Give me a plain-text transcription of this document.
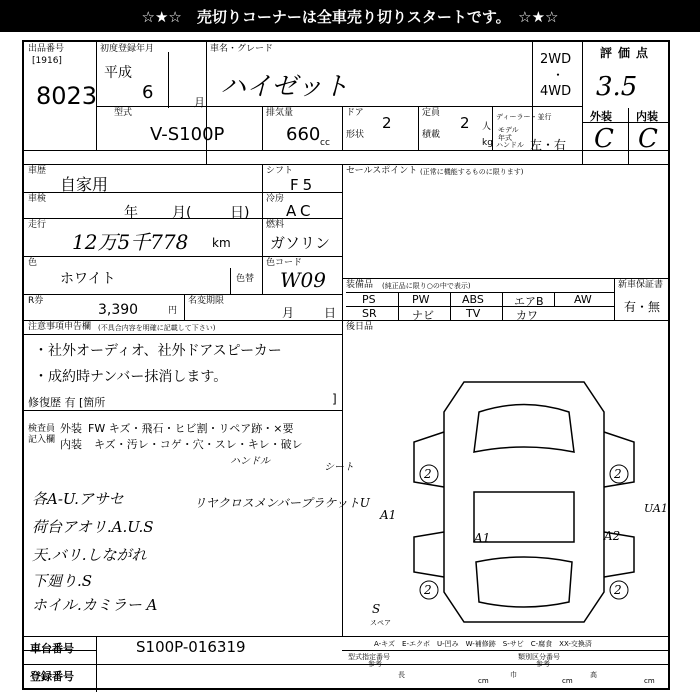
☆★☆　売切りコーナーは全車売り切りスタートです。　☆★☆
出品番号
[1916]
8023
初度登録年月
平成
6	月
車名・グレード
ハイゼット
2WD
・
4WD
評価点
3.5
外装 内装
C C
型式
V-S100P
排気量
660 cc
ドア
2
形状
定員
2 人
積載
kg
ディーラー・並行
モデル
年式
ハンドル 左・右
車歴
自家用
車検
年 月(	日)
走行
12万5千778 km
シフト
F5
冷房
AC
燃料
ガソリン
色
ホワイト	色替
色コード
W09
R券
3,390	円
名変期限
月 日
セールスポイント (正常に機能するものに限ります)
装備品 (純正品に限り○の中で表示)	新車保証書
有・無
PS	PW	ABS	エアB	AW
SR	ナビ	TV	カワ
後日品
注意事項申告欄 (不具合内容を明確に記載して下さい)
・社外オーディオ、社外ドアスピーカー
・成約時ナンバー抹消します。
修復歴 有 [箇所	]
検査員
記入欄
外装 FW キズ・飛石・ヒビ割・リペア跡・×要
内装 キズ・汚レ・コゲ・穴・スレ・キレ・破レ
ハンドル
シート
各A-U.アサセ
荷台アオリ.A.U.S
天.バリ.しながれ
下廻り.S
ホイル.カミラー A
リヤクロスメンバープラケットU
A-キズ　E-エクボ　U-凹み　W-補修跡　S-サビ　C-腐食　XX-交換済
車台番号	S100P-016319
登録番号
型式指定番号
参考
類別区分番号
参考
長
cm
巾
cm
高
cm
2	2
2	2
A1	A2
A1	UA1
S
スペア
